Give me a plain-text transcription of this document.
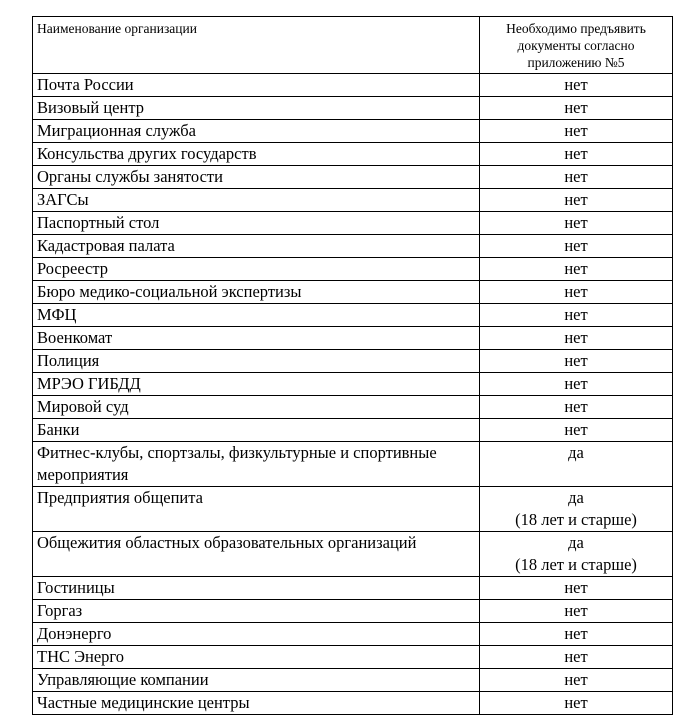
Наименование организации	Необходимо предъявить документы согласно приложению №5
Почта России	нет

Визовый центр	нет

Миграционная служба	нет

Консульства других государств	нет

Органы службы занятости	нет

ЗАГСы	нет

Паспортный стол	нет

Кадастровая палата	нет

Росреестр	нет

Бюро медико-социальной экспертизы	нет

МФЦ	нет

Военкомат	нет

Полиция	нет

МРЭО ГИБДД	нет

Мировой суд	нет

Банки	нет

Фитнес-клубы, спортзалы, физкультурные и спортивные мероприятия	да

Предприятия общепита	да
(18 лет и старше)

Общежития областных образовательных организаций	да
(18 лет и старше)

Гостиницы	нет

Горгаз	нет

Донэнерго	нет

ТНС Энерго	нет

Управляющие компании	нет

Частные медицинские центры	нет
